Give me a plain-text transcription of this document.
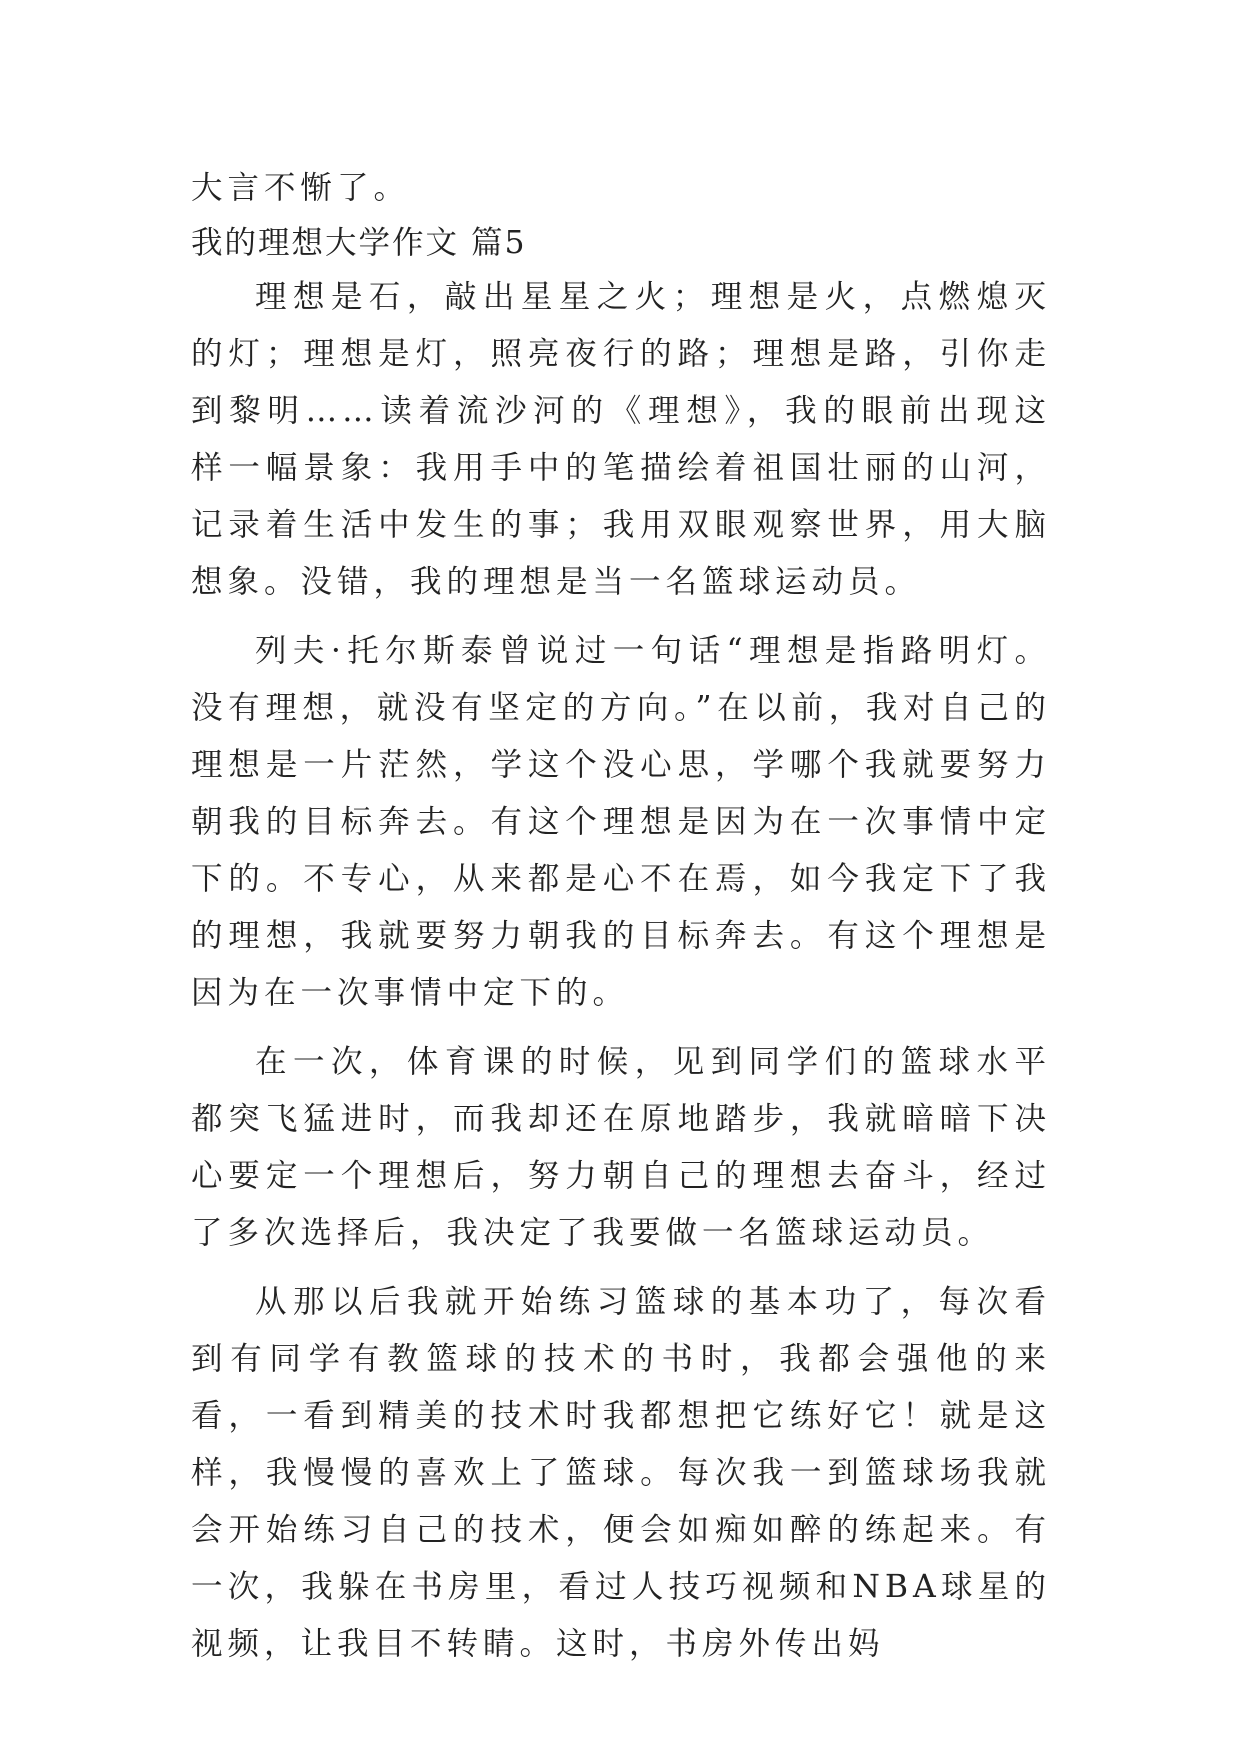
大言不惭了。

我的理想大学作文 篇5

理想是石，敲出星星之火；理想是火，点燃熄灭的灯；理想是灯，照亮夜行的路；理想是路，引你走到黎明……读着流沙河的《理想》，我的眼前出现这样一幅景象：我用手中的笔描绘着祖国壮丽的山河，记录着生活中发生的事；我用双眼观察世界，用大脑想象。没错，我的理想是当一名篮球运动员。

列夫·托尔斯泰曾说过一句话“理想是指路明灯。没有理想，就没有坚定的方向。”在以前，我对自己的理想是一片茫然，学这个没心思，学哪个我就要努力朝我的目标奔去。有这个理想是因为在一次事情中定下的。不专心，从来都是心不在焉，如今我定下了我的理想，我就要努力朝我的目标奔去。有这个理想是因为在一次事情中定下的。

在一次，体育课的时候，见到同学们的篮球水平都突飞猛进时，而我却还在原地踏步，我就暗暗下决心要定一个理想后，努力朝自己的理想去奋斗，经过了多次选择后，我决定了我要做一名篮球运动员。

从那以后我就开始练习篮球的基本功了，每次看到有同学有教篮球的技术的书时，我都会强他的来看，一看到精美的技术时我都想把它练好它！就是这样，我慢慢的喜欢上了篮球。每次我一到篮球场我就会开始练习自己的技术，便会如痴如醉的练起来。有一次，我躲在书房里，看过人技巧视频和NBA球星的视频，让我目不转睛。这时，书房外传出妈
